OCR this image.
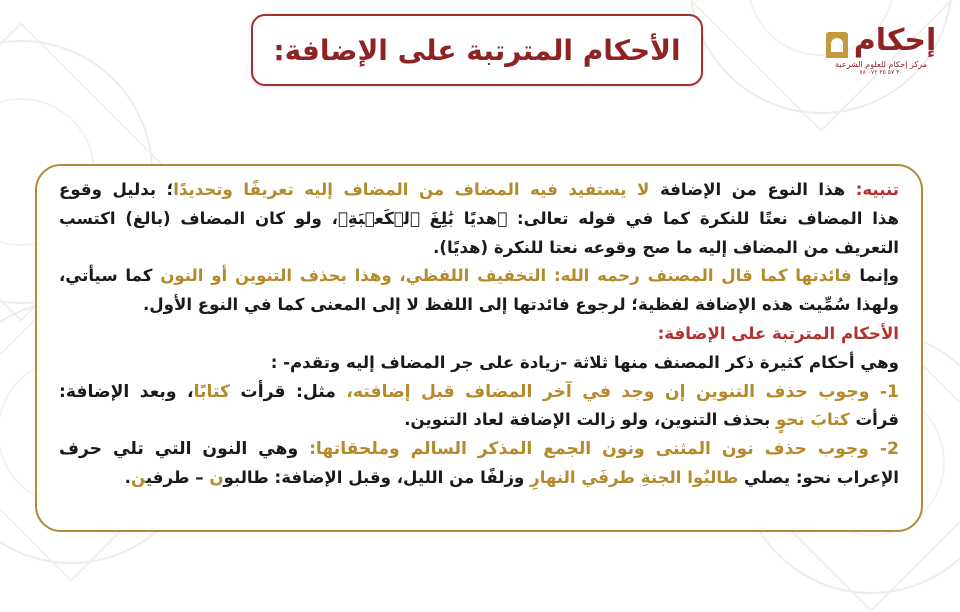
الأحكام المترتبة على الإضافة:	إحكام
مركز إحكام للعلوم الشرعية
٣٠ ٥٧ ٢٥ ٠٧٢ ٧٨
تنبيه: هذا النوع من الإضافة لا يستفيد فيه المضاف من المضاف إليه تعريفًا وتحديدًا؛ بدليل وقوع
هذا المضاف نعتًا للنكرة كما في قوله تعالى: ﴿هديًا بَٰلِغَ ٱلۡكَعۡبَةِ﴾، ولو كان المضاف (بالغ) اكتسب
التعريف من المضاف إليه ما صح وقوعه نعتا للنكرة (هديًا).
وإنما فائدتها كما قال المصنف رحمه الله: التخفيف اللفظي، وهذا بحذف التنوين أو النون كما سيأتي،
ولهذا سُمِّيت هذه الإضافة لفظية؛ لرجوع فائدتها إلى اللفظ لا إلى المعنى كما في النوع الأول.
الأحكام المترتبة على الإضافة:
وهي أحكام كثيرة ذكر المصنف منها ثلاثة -زيادة على جر المضاف إليه وتقدم- :
1- وجوب حذف التنوين إن وجد في آخر المضاف قبل إضافته، مثل: قرأت كتابًا، وبعد الإضافة:
قرأت كتابَ نحوٍ بحذف التنوين، ولو زالت الإضافة لعاد التنوين.
2- وجوب حذف نون المثنى ونون الجمع المذكر السالم وملحقاتها: وهي النون التي تلي حرف
الإعراب نحو: يصلي طالبُوا الجنةِ طرفَي النهارِ وزلفًا من الليل، وقبل الإضافة: طالبون – طرفين.
